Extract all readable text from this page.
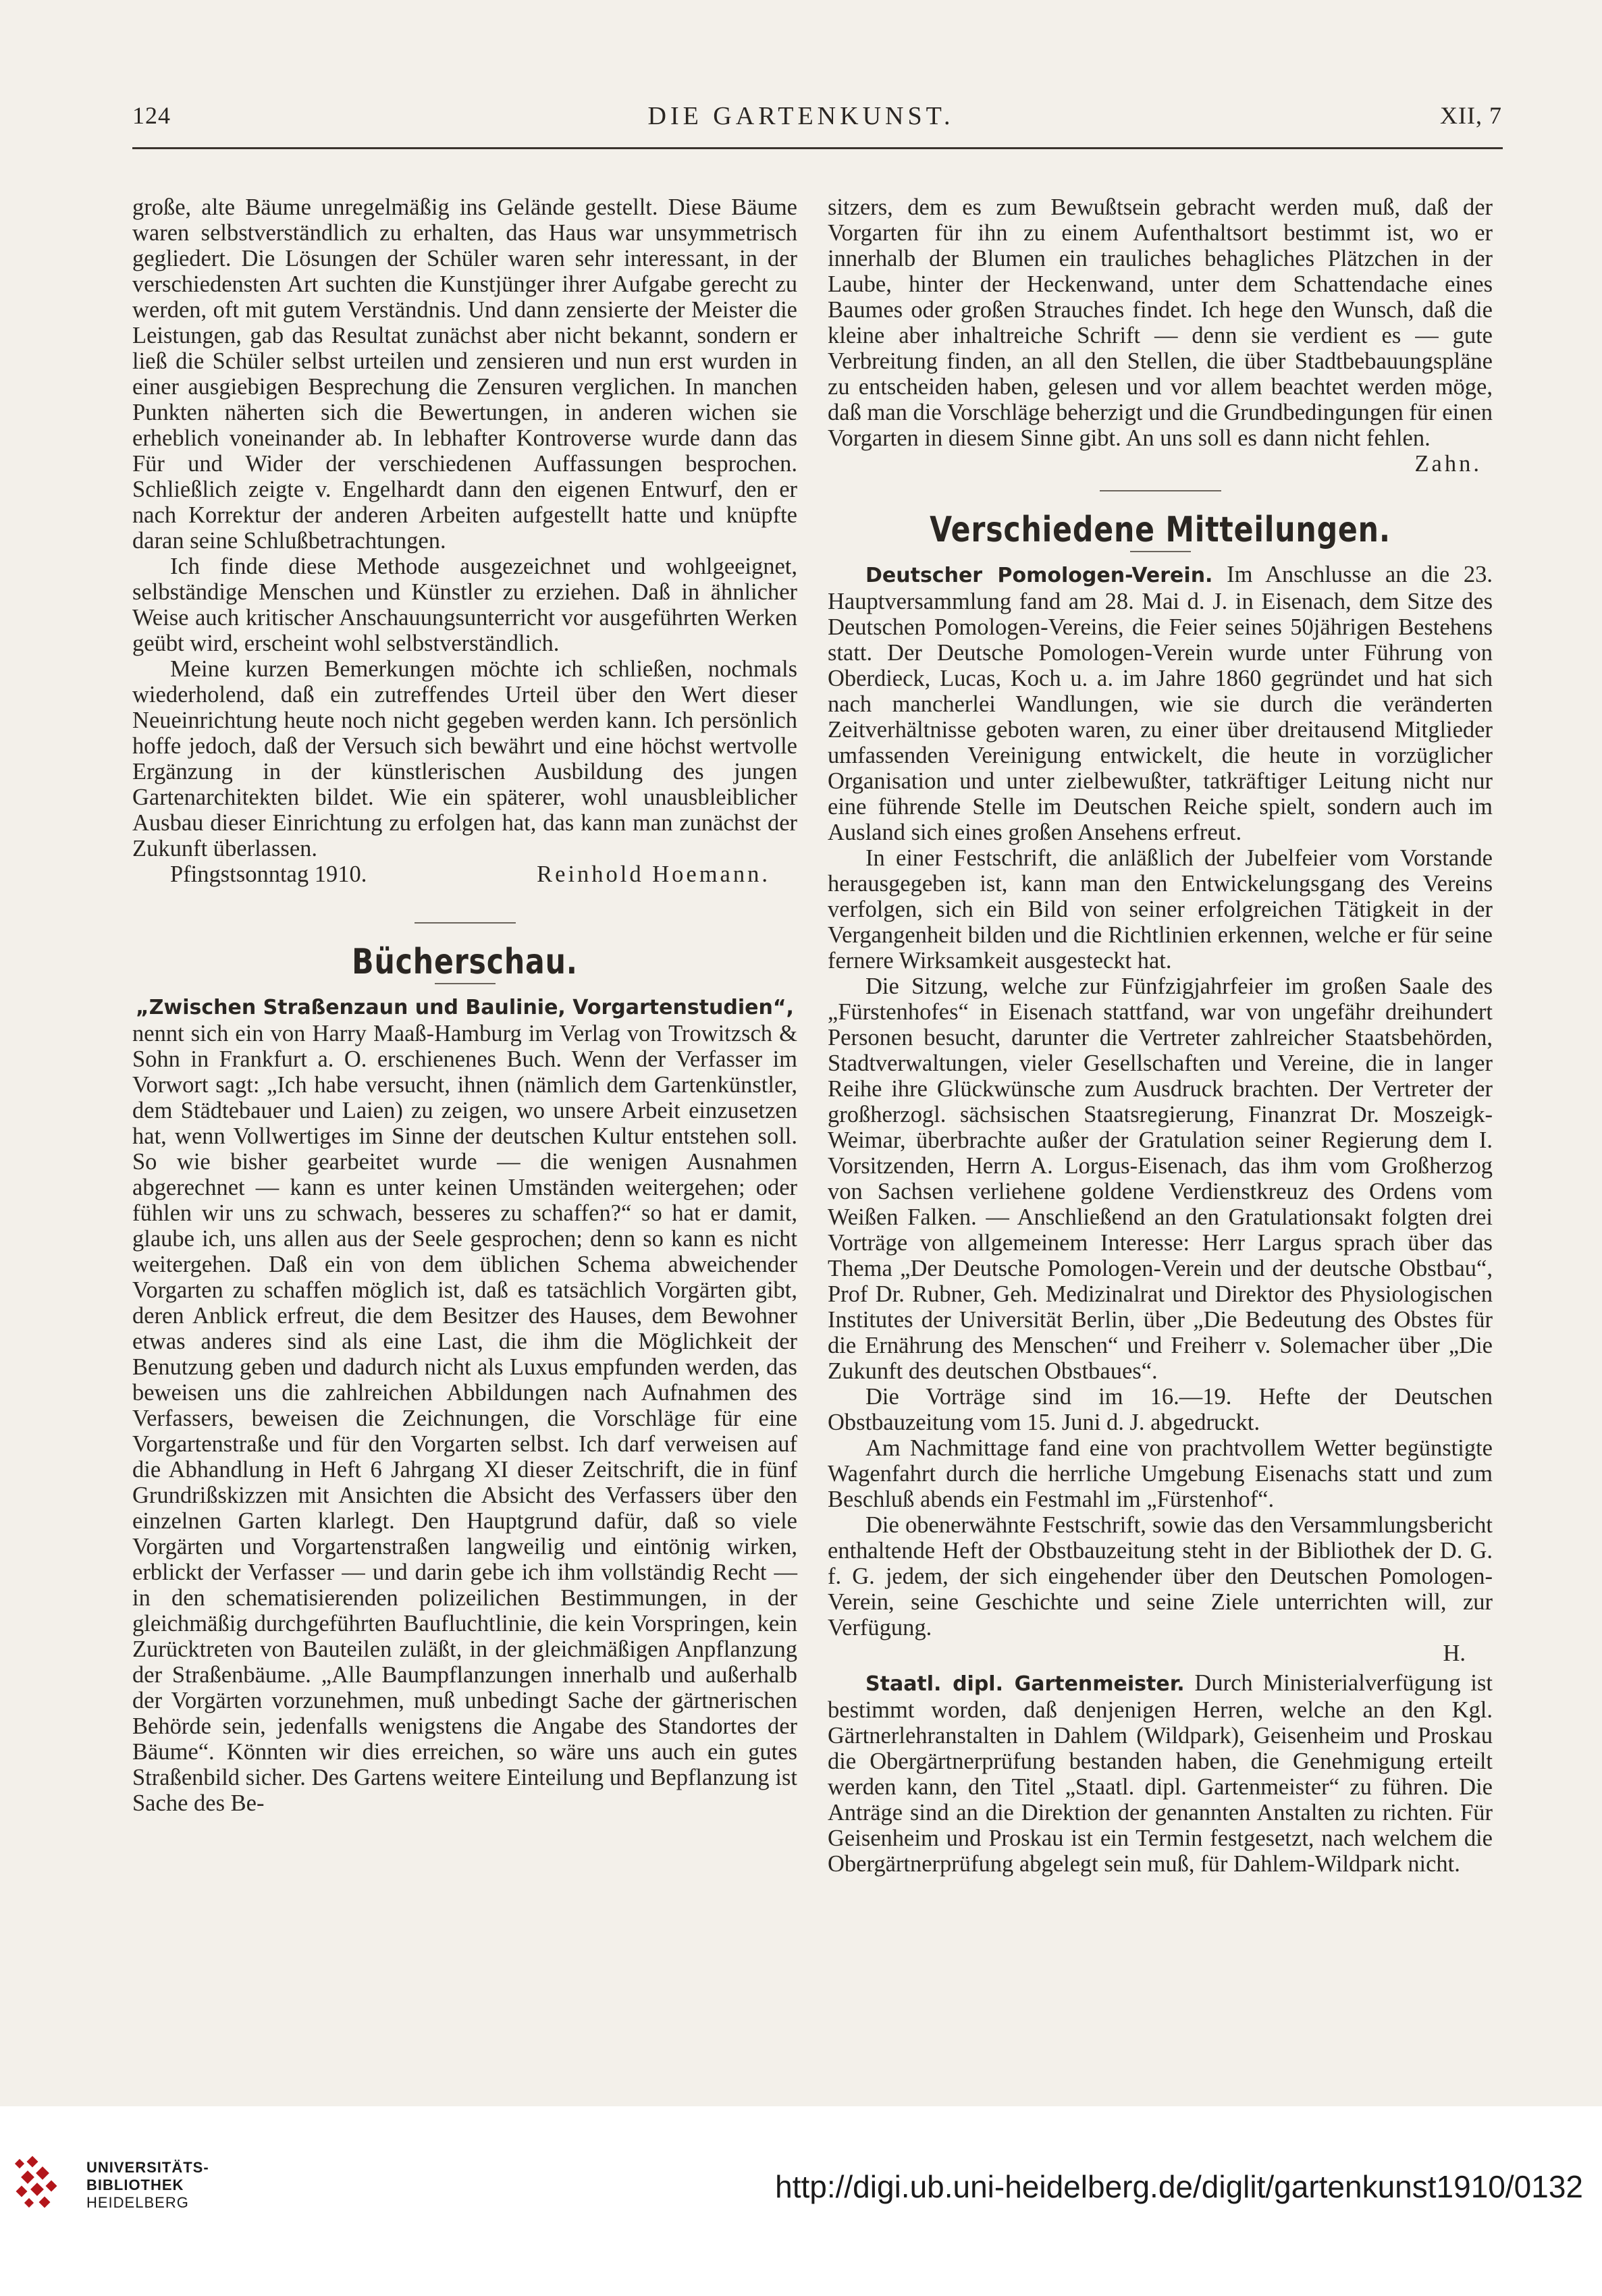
124	DIE GARTENKUNST.	XII, 7

große, alte Bäume unregelmäßig ins Gelände gestellt. Diese Bäume waren selbstverständlich zu erhalten, das Haus war unsymmetrisch gegliedert. Die Lösungen der Schüler waren sehr interessant, in der verschiedensten Art suchten die Kunstjünger ihrer Aufgabe gerecht zu werden, oft mit gutem Verständnis. Und dann zensierte der Meister die Leistungen, gab das Resultat zunächst aber nicht bekannt, sondern er ließ die Schüler selbst urteilen und zensieren und nun erst wurden in einer ausgiebigen Besprechung die Zensuren verglichen. In manchen Punkten näherten sich die Bewertungen, in anderen wichen sie erheblich voneinander ab. In lebhafter Kontroverse wurde dann das Für und Wider der verschiedenen Auffassungen besprochen. Schließlich zeigte v. Engelhardt dann den eigenen Entwurf, den er nach Korrektur der anderen Arbeiten aufgestellt hatte und knüpfte daran seine Schlußbetrachtungen.

Ich finde diese Methode ausgezeichnet und wohlgeeignet, selbständige Menschen und Künstler zu erziehen. Daß in ähnlicher Weise auch kritischer Anschauungsunterricht vor ausgeführten Werken geübt wird, erscheint wohl selbstverständlich.

Meine kurzen Bemerkungen möchte ich schließen, nochmals wiederholend, daß ein zutreffendes Urteil über den Wert dieser Neueinrichtung heute noch nicht gegeben werden kann. Ich persönlich hoffe jedoch, daß der Versuch sich bewährt und eine höchst wertvolle Ergänzung in der künstlerischen Ausbildung des jungen Gartenarchitekten bildet. Wie ein späterer, wohl unausbleiblicher Ausbau dieser Einrichtung zu erfolgen hat, das kann man zunächst der Zukunft überlassen.

Pfingstsonntag 1910.	Reinhold Hoemann.
Bücherschau.

„Zwischen Straßenzaun und Baulinie, Vorgartenstudien“,

nennt sich ein von Harry Maaß-Hamburg im Verlag von Trowitzsch & Sohn in Frankfurt a. O. erschienenes Buch. Wenn der Verfasser im Vorwort sagt: „Ich habe versucht, ihnen (nämlich dem Gartenkünstler, dem Städtebauer und Laien) zu zeigen, wo unsere Arbeit einzusetzen hat, wenn Vollwertiges im Sinne der deutschen Kultur entstehen soll. So wie bisher gearbeitet wurde — die wenigen Ausnahmen abgerechnet — kann es unter keinen Umständen weitergehen; oder fühlen wir uns zu schwach, besseres zu schaffen?“ so hat er damit, glaube ich, uns allen aus der Seele gesprochen; denn so kann es nicht weitergehen. Daß ein von dem üblichen Schema abweichender Vorgarten zu schaffen möglich ist, daß es tatsächlich Vorgärten gibt, deren Anblick erfreut, die dem Besitzer des Hauses, dem Bewohner etwas anderes sind als eine Last, die ihm die Möglichkeit der Benutzung geben und dadurch nicht als Luxus empfunden werden, das beweisen uns die zahlreichen Abbildungen nach Aufnahmen des Verfassers, beweisen die Zeichnungen, die Vorschläge für eine Vorgartenstraße und für den Vorgarten selbst. Ich darf verweisen auf die Abhandlung in Heft 6 Jahrgang XI dieser Zeitschrift, die in fünf Grundrißskizzen mit Ansichten die Absicht des Verfassers über den einzelnen Garten klarlegt. Den Hauptgrund dafür, daß so viele Vorgärten und Vorgartenstraßen langweilig und eintönig wirken, erblickt der Verfasser — und darin gebe ich ihm vollständig Recht — in den schematisierenden polizeilichen Bestimmungen, in der gleichmäßig durchgeführten Baufluchtlinie, die kein Vorspringen, kein Zurücktreten von Bauteilen zuläßt, in der gleichmäßigen Anpflanzung der Straßenbäume. „Alle Baumpflanzungen innerhalb und außerhalb der Vorgärten vorzunehmen, muß unbedingt Sache der gärtnerischen Behörde sein, jedenfalls wenigstens die Angabe des Standortes der Bäume“. Könnten wir dies erreichen, so wäre uns auch ein gutes Straßenbild sicher. Des Gartens weitere Einteilung und Bepflanzung ist Sache des Be-

sitzers, dem es zum Bewußtsein gebracht werden muß, daß der Vorgarten für ihn zu einem Aufenthaltsort bestimmt ist, wo er innerhalb der Blumen ein trauliches behagliches Plätzchen in der Laube, hinter der Heckenwand, unter dem Schattendache eines Baumes oder großen Strauches findet. Ich hege den Wunsch, daß die kleine aber inhaltreiche Schrift — denn sie verdient es — gute Verbreitung finden, an all den Stellen, die über Stadtbebauungspläne zu entscheiden haben, gelesen und vor allem beachtet werden möge, daß man die Vorschläge beherzigt und die Grundbedingungen für einen Vorgarten in diesem Sinne gibt. An uns soll es dann nicht fehlen.

Zahn.

Verschiedene Mitteilungen.

Deutscher Pomologen-Verein. Im Anschlusse an die 23. Hauptversammlung fand am 28. Mai d. J. in Eisenach, dem Sitze des Deutschen Pomologen-Vereins, die Feier seines 50jährigen Bestehens statt. Der Deutsche Pomologen-Verein wurde unter Führung von Oberdieck, Lucas, Koch u. a. im Jahre 1860 gegründet und hat sich nach mancherlei Wandlungen, wie sie durch die veränderten Zeitverhältnisse geboten waren, zu einer über dreitausend Mitglieder umfassenden Vereinigung entwickelt, die heute in vorzüglicher Organisation und unter zielbewußter, tatkräftiger Leitung nicht nur eine führende Stelle im Deutschen Reiche spielt, sondern auch im Ausland sich eines großen Ansehens erfreut.

In einer Festschrift, die anläßlich der Jubelfeier vom Vorstande herausgegeben ist, kann man den Entwickelungsgang des Vereins verfolgen, sich ein Bild von seiner erfolgreichen Tätigkeit in der Vergangenheit bilden und die Richtlinien erkennen, welche er für seine fernere Wirksamkeit ausgesteckt hat.

Die Sitzung, welche zur Fünfzigjahrfeier im großen Saale des „Fürstenhofes“ in Eisenach stattfand, war von ungefähr dreihundert Personen besucht, darunter die Vertreter zahlreicher Staatsbehörden, Stadtverwaltungen, vieler Gesellschaften und Vereine, die in langer Reihe ihre Glückwünsche zum Ausdruck brachten. Der Vertreter der großherzogl. sächsischen Staatsregierung, Finanzrat Dr. Moszeigk-Weimar, überbrachte außer der Gratulation seiner Regierung dem I. Vorsitzenden, Herrn A. Lorgus-Eisenach, das ihm vom Großherzog von Sachsen verliehene goldene Verdienstkreuz des Ordens vom Weißen Falken. — Anschließend an den Gratulationsakt folgten drei Vorträge von allgemeinem Interesse: Herr Largus sprach über das Thema „Der Deutsche Pomologen-Verein und der deutsche Obstbau“, Prof Dr. Rubner, Geh. Medizinalrat und Direktor des Physiologischen Institutes der Universität Berlin, über „Die Bedeutung des Obstes für die Ernährung des Menschen“ und Freiherr v. Solemacher über „Die Zukunft des deutschen Obstbaues“.

Die Vorträge sind im 16.—19. Hefte der Deutschen Obstbauzeitung vom 15. Juni d. J. abgedruckt.

Am Nachmittage fand eine von prachtvollem Wetter begünstigte Wagenfahrt durch die herrliche Umgebung Eisenachs statt und zum Beschluß abends ein Festmahl im „Fürstenhof“.

Die obenerwähnte Festschrift, sowie das den Versammlungsbericht enthaltende Heft der Obstbauzeitung steht in der Bibliothek der D. G. f. G. jedem, der sich eingehender über den Deutschen Pomologen-Verein, seine Geschichte und seine Ziele unterrichten will, zur Verfügung.

H.

Staatl. dipl. Gartenmeister. Durch Ministerialverfügung ist bestimmt worden, daß denjenigen Herren, welche an den Kgl. Gärtnerlehranstalten in Dahlem (Wildpark), Geisenheim und Proskau die Obergärtnerprüfung bestanden haben, die Genehmigung erteilt werden kann, den Titel „Staatl. dipl. Gartenmeister“ zu führen. Die Anträge sind an die Direktion der genannten Anstalten zu richten. Für Geisenheim und Proskau ist ein Termin festgesetzt, nach welchem die Obergärtnerprüfung abgelegt sein muß, für Dahlem-Wildpark nicht.

UNIVERSITÄTS-
BIBLIOTHEK
HEIDELBERG	http://digi.ub.uni-heidelberg.de/diglit/gartenkunst1910/0132
